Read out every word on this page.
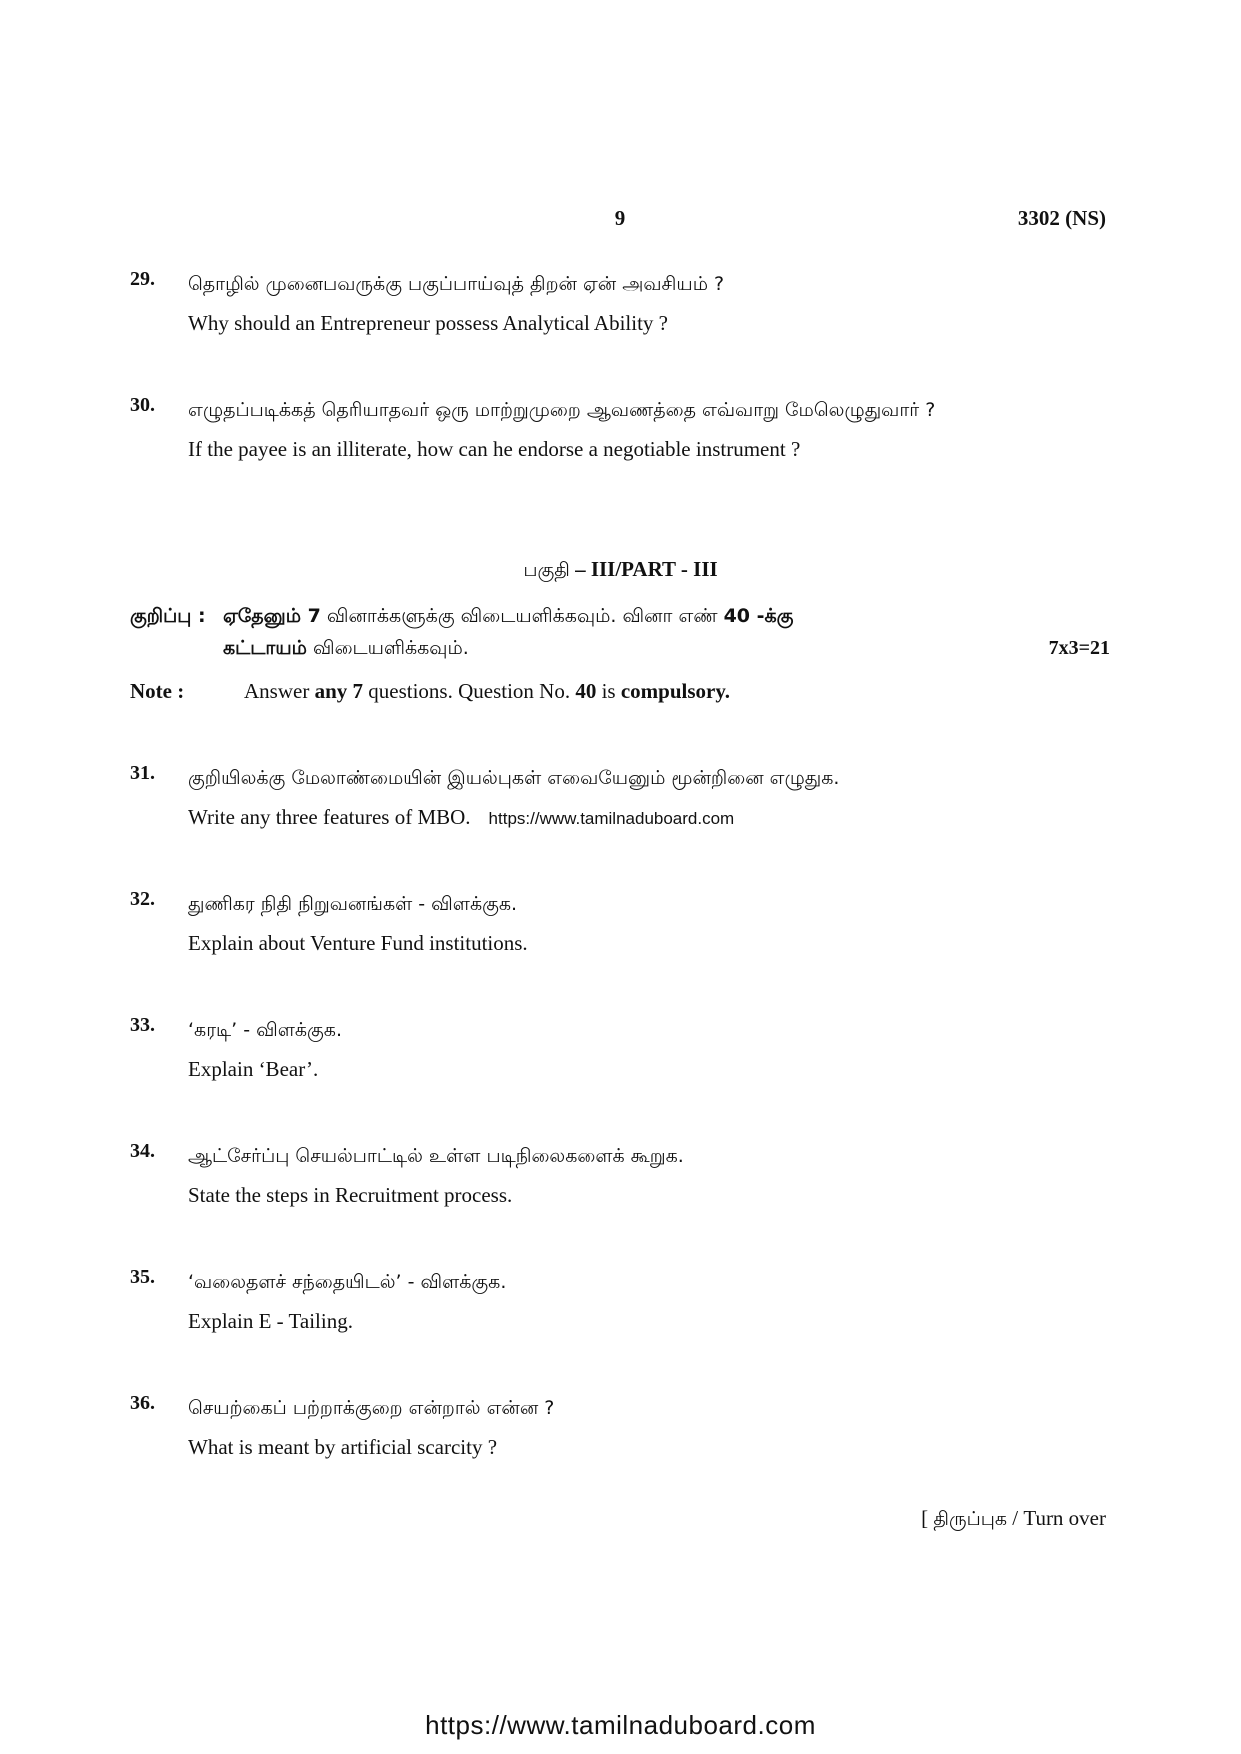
9	3302 (NS)
29. தொழில் முனைபவருக்கு பகுப்பாய்வுத் திறன் ஏன் அவசியம் ?
Why should an Entrepreneur possess Analytical Ability ?
30. எழுதப்படிக்கத் தெரியாதவர் ஒரு மாற்றுமுறை ஆவணத்தை எவ்வாறு மேலெழுதுவார் ?
If the payee is an illiterate, how can he endorse a negotiable instrument ?
பகுதி – III/PART - III
குறிப்பு : ஏதேனும் 7 வினாக்களுக்கு விடையளிக்கவும். வினா எண் 40 -க்கு
கட்டாயம் விடையளிக்கவும்.	7x3=21
Note :	Answer any 7 questions. Question No. 40 is compulsory.
31. குறியிலக்கு மேலாண்மையின் இயல்புகள் எவையேனும் மூன்றினை எழுதுக.
Write any three features of MBO. https://www.tamilnaduboard.com
32. துணிகர நிதி நிறுவனங்கள் - விளக்குக.
Explain about Venture Fund institutions.
33. ‘கரடி’ - விளக்குக.
Explain ‘Bear’.
34. ஆட்சேர்ப்பு செயல்பாட்டில் உள்ள படிநிலைகளைக் கூறுக.
State the steps in Recruitment process.
35. ‘வலைதளச் சந்தையிடல்’ - விளக்குக.
Explain E - Tailing.
36. செயற்கைப் பற்றாக்குறை என்றால் என்ன ?
What is meant by artificial scarcity ?
[ திருப்புக / Turn over
https://www.tamilnaduboard.com
